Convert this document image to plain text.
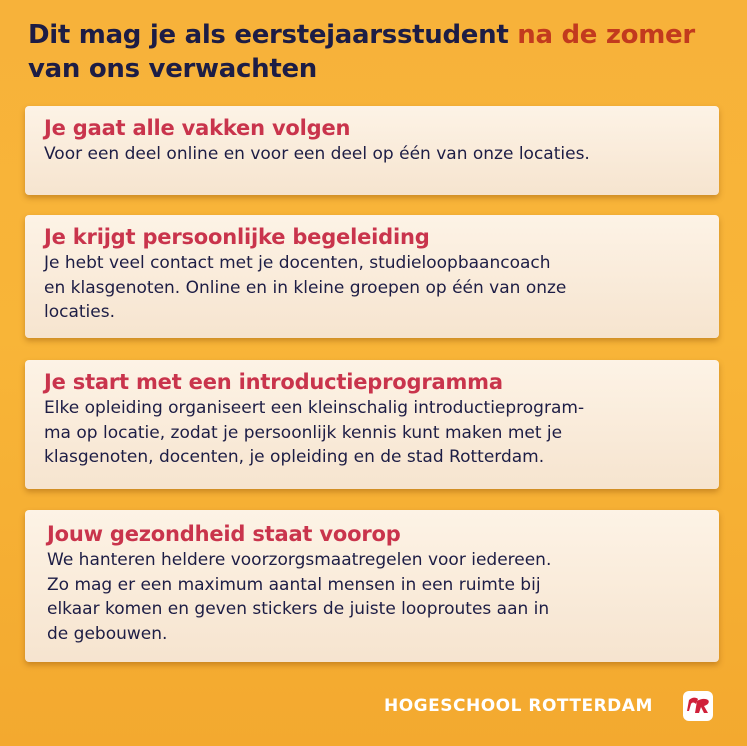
Dit mag je als eerstejaarsstudent na de zomer
van ons verwachten
Je gaat alle vakken volgen

Voor een deel online en voor een deel op één van onze locaties.

Je krijgt persoonlijke begeleiding

Je hebt veel contact met je docenten, studieloopbaancoach
en klasgenoten. Online en in kleine groepen op één van onze
locaties.

Je start met een introductieprogramma

Elke opleiding organiseert een kleinschalig introductieprogram-
ma op locatie, zodat je persoonlijk kennis kunt maken met je
klasgenoten, docenten, je opleiding en de stad Rotterdam.

Jouw gezondheid staat voorop

We hanteren heldere voorzorgsmaatregelen voor iedereen.
Zo mag er een maximum aantal mensen in een ruimte bij
elkaar komen en geven stickers de juiste looproutes aan in
de gebouwen.

HOGESCHOOL ROTTERDAM
